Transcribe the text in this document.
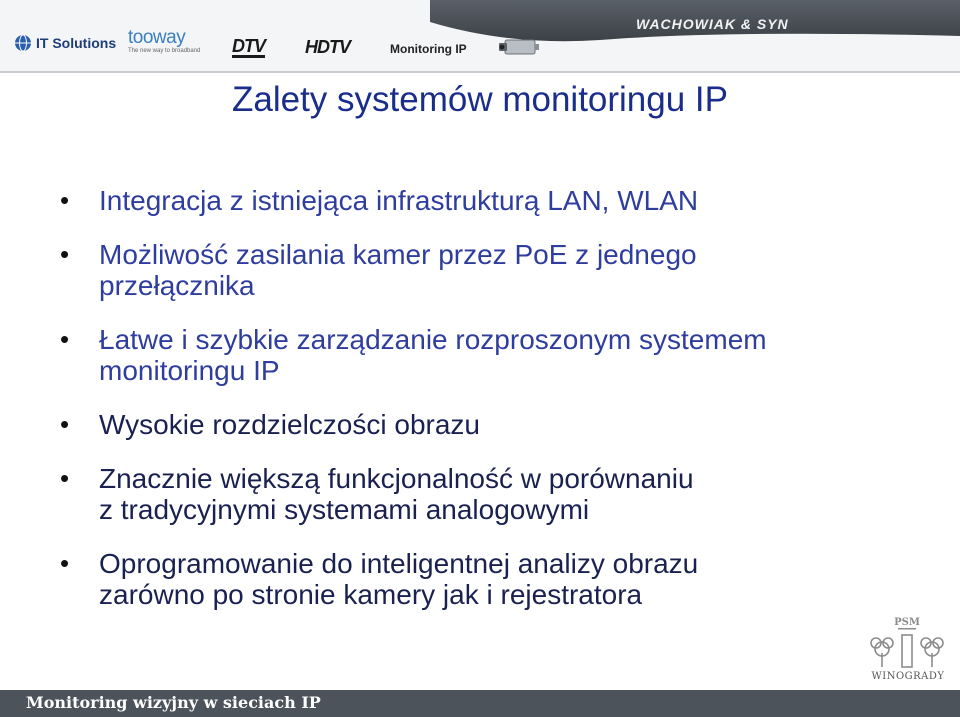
IT Solutions tooway
The new way to broadband DTV HDTV	Monitoring IP
WACHOWIAK & SYN
Zalety systemów monitoringu IP
• Integracja z istniejąca infrastrukturą LAN, WLAN
• Możliwość zasilania kamer przez PoE z jednego
przełącznika
• Łatwe i szybkie zarządzanie rozproszonym systemem
monitoringu IP
• Wysokie rozdzielczości obrazu
• Znacznie większą funkcjonalność w porównaniu
z tradycyjnymi systemami analogowymi
• Oprogramowanie do inteligentnej analizy obrazu
zarówno po stronie kamery jak i rejestratora
PSM
WINOGRADY
Monitoring wizyjny w sieciach IP
